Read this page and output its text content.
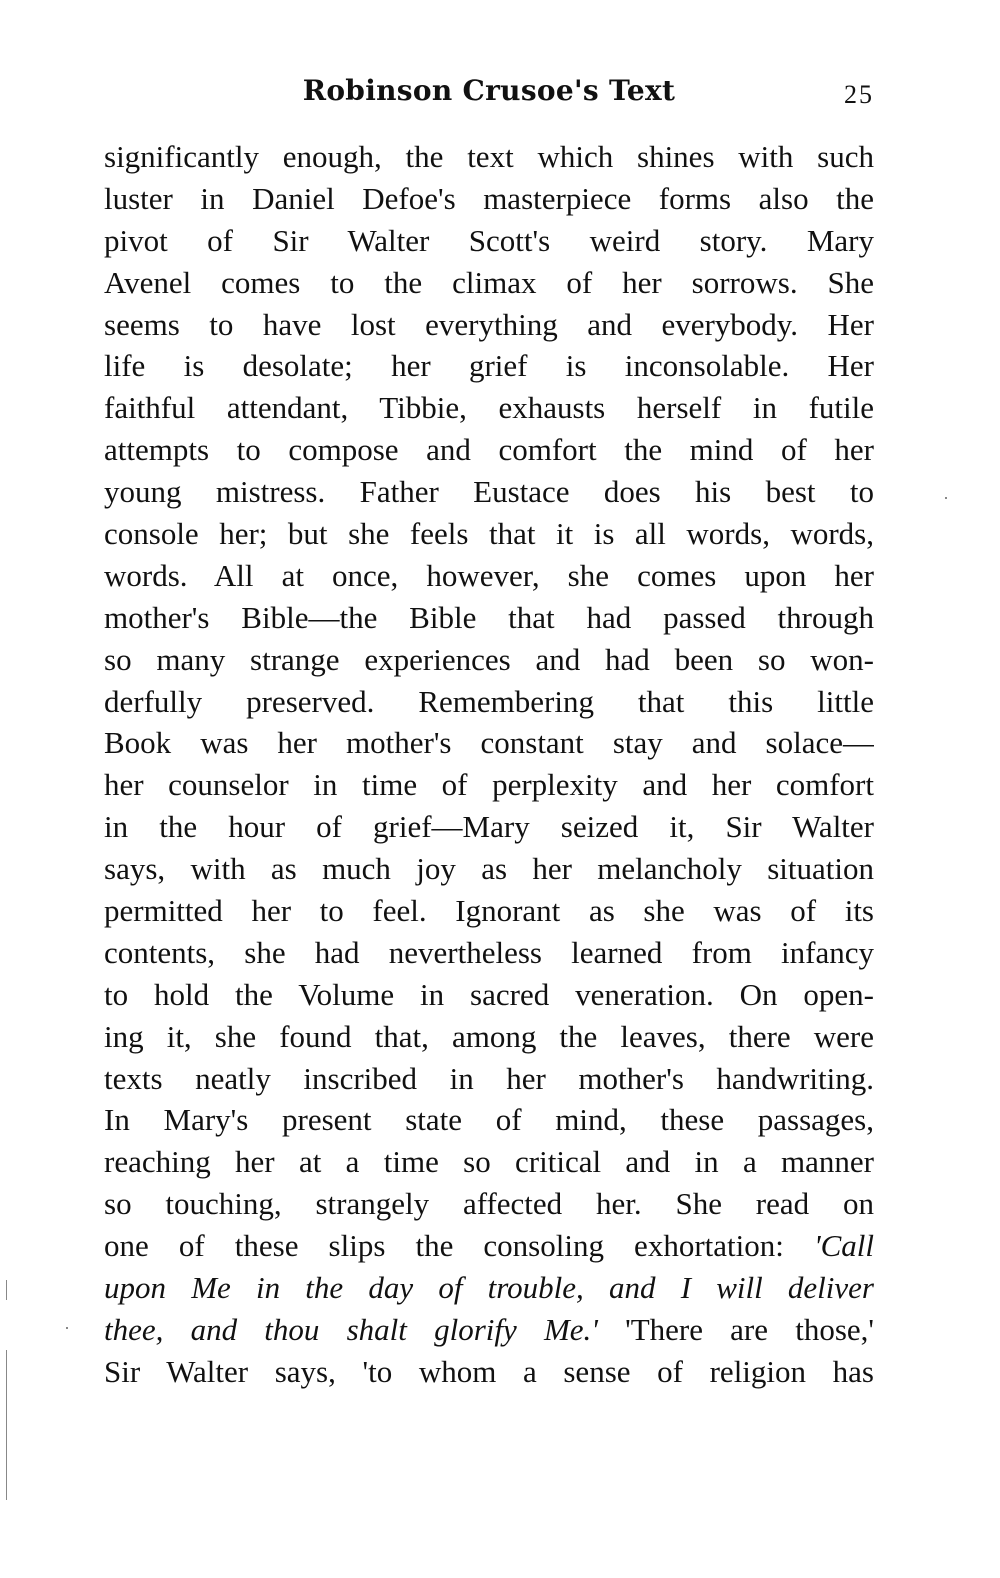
Robinson Crusoe's Text	25
significantly enough, the text which shines with such
luster in Daniel Defoe's masterpiece forms also the
pivot of Sir Walter Scott's weird story. Mary
Avenel comes to the climax of her sorrows. She
seems to have lost everything and everybody. Her
life is desolate; her grief is inconsolable. Her
faithful attendant, Tibbie, exhausts herself in futile
attempts to compose and comfort the mind of her
young mistress. Father Eustace does his best to
console her; but she feels that it is all words, words,
words. All at once, however, she comes upon her
mother's Bible—the Bible that had passed through
so many strange experiences and had been so won-
derfully preserved. Remembering that this little
Book was her mother's constant stay and solace—
her counselor in time of perplexity and her comfort
in the hour of grief—Mary seized it, Sir Walter
says, with as much joy as her melancholy situation
permitted her to feel. Ignorant as she was of its
contents, she had nevertheless learned from infancy
to hold the Volume in sacred veneration. On open-
ing it, she found that, among the leaves, there were
texts neatly inscribed in her mother's handwriting.
In Mary's present state of mind, these passages,
reaching her at a time so critical and in a manner
so touching, strangely affected her. She read on
one of these slips the consoling exhortation: 'Call
upon Me in the day of trouble, and I will deliver
thee, and thou shalt glorify Me.' 'There are those,'
Sir Walter says, 'to whom a sense of religion has
